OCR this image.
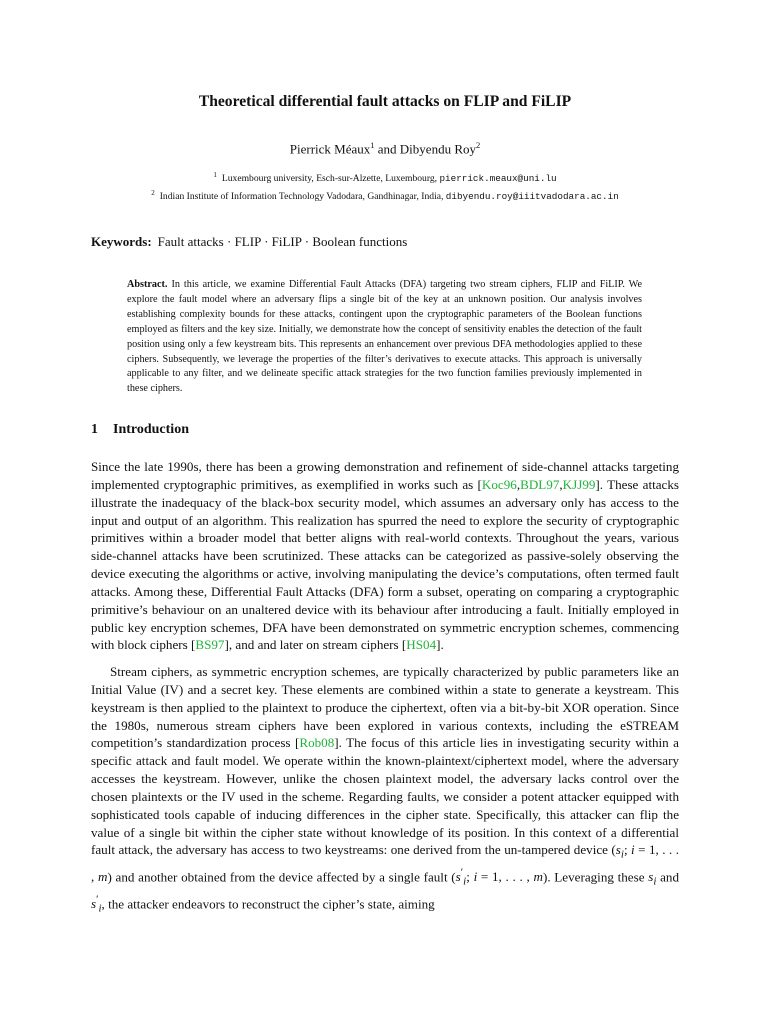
Theoretical differential fault attacks on FLIP and FiLIP
Pierrick Méaux$^1$ and Dibyendu Roy$^2$
$^1$ Luxembourg university, Esch-sur-Alzette, Luxembourg, pierrick.meaux@uni.lu
$^2$ Indian Institute of Information Technology Vadodara, Gandhinagar, India, dibyendu.roy@iiitvadodara.ac.in
Keywords: Fault attacks · FLIP · FiLIP · Boolean functions
Abstract. In this article, we examine Differential Fault Attacks (DFA) targeting two stream ciphers, FLIP and FiLIP. We explore the fault model where an adversary flips a single bit of the key at an unknown position. Our analysis involves establishing complexity bounds for these attacks, contingent upon the cryptographic parameters of the Boolean functions employed as filters and the key size. Initially, we demonstrate how the concept of sensitivity enables the detection of the fault position using only a few keystream bits. This represents an enhancement over previous DFA methodologies applied to these ciphers. Subsequently, we leverage the properties of the filter’s derivatives to execute attacks. This approach is universally applicable to any filter, and we delineate specific attack strategies for the two function families previously implemented in these ciphers.
1 Introduction

Since the late 1990s, there has been a growing demonstration and refinement of side-channel attacks targeting implemented cryptographic primitives, as exemplified in works such as [Koc96,BDL97,KJJ99]. These attacks illustrate the inadequacy of the black-box security model, which assumes an adversary only has access to the input and output of an algorithm. This realization has spurred the need to explore the security of cryptographic primitives within a broader model that better aligns with real-world contexts. Throughout the years, various side-channel attacks have been scrutinized. These attacks can be categorized as passive-solely observing the device executing the algorithms or active, involving manipulating the device’s computations, often termed fault attacks. Among these, Differential Fault Attacks (DFA) form a subset, operating on comparing a cryptographic primitive’s behaviour on an unaltered device with its behaviour after introducing a fault. Initially employed in public key encryption schemes, DFA have been demonstrated on symmetric encryption schemes, commencing with block ciphers [BS97], and and later on stream ciphers [HS04].

Stream ciphers, as symmetric encryption schemes, are typically characterized by public parameters like an Initial Value (IV) and a secret key. These elements are combined within a state to generate a keystream. This keystream is then applied to the plaintext to produce the ciphertext, often via a bit-by-bit XOR operation. Since the 1980s, numerous stream ciphers have been explored in various contexts, including the eSTREAM competition’s standardization process [Rob08]. The focus of this article lies in investigating security within a specific attack and fault model. We operate within the known-plaintext/ciphertext model, where the adversary accesses the keystream. However, unlike the chosen plaintext model, the adversary lacks control over the chosen plaintexts or the IV used in the scheme. Regarding faults, we consider a potent attacker equipped with sophisticated tools capable of inducing differences in the cipher state. Specifically, this attacker can flip the value of a single bit within the cipher state without knowledge of its position. In this context of a differential fault attack, the adversary has access to two keystreams: one derived from the un-tampered device ($s_i$; i = 1, . . . , m) and another obtained from the device affected by a single fault ($s'_i$; i = 1, . . . , m). Leveraging these $s_i$ and $s'_i$, the attacker endeavors to reconstruct the cipher’s state, aiming
